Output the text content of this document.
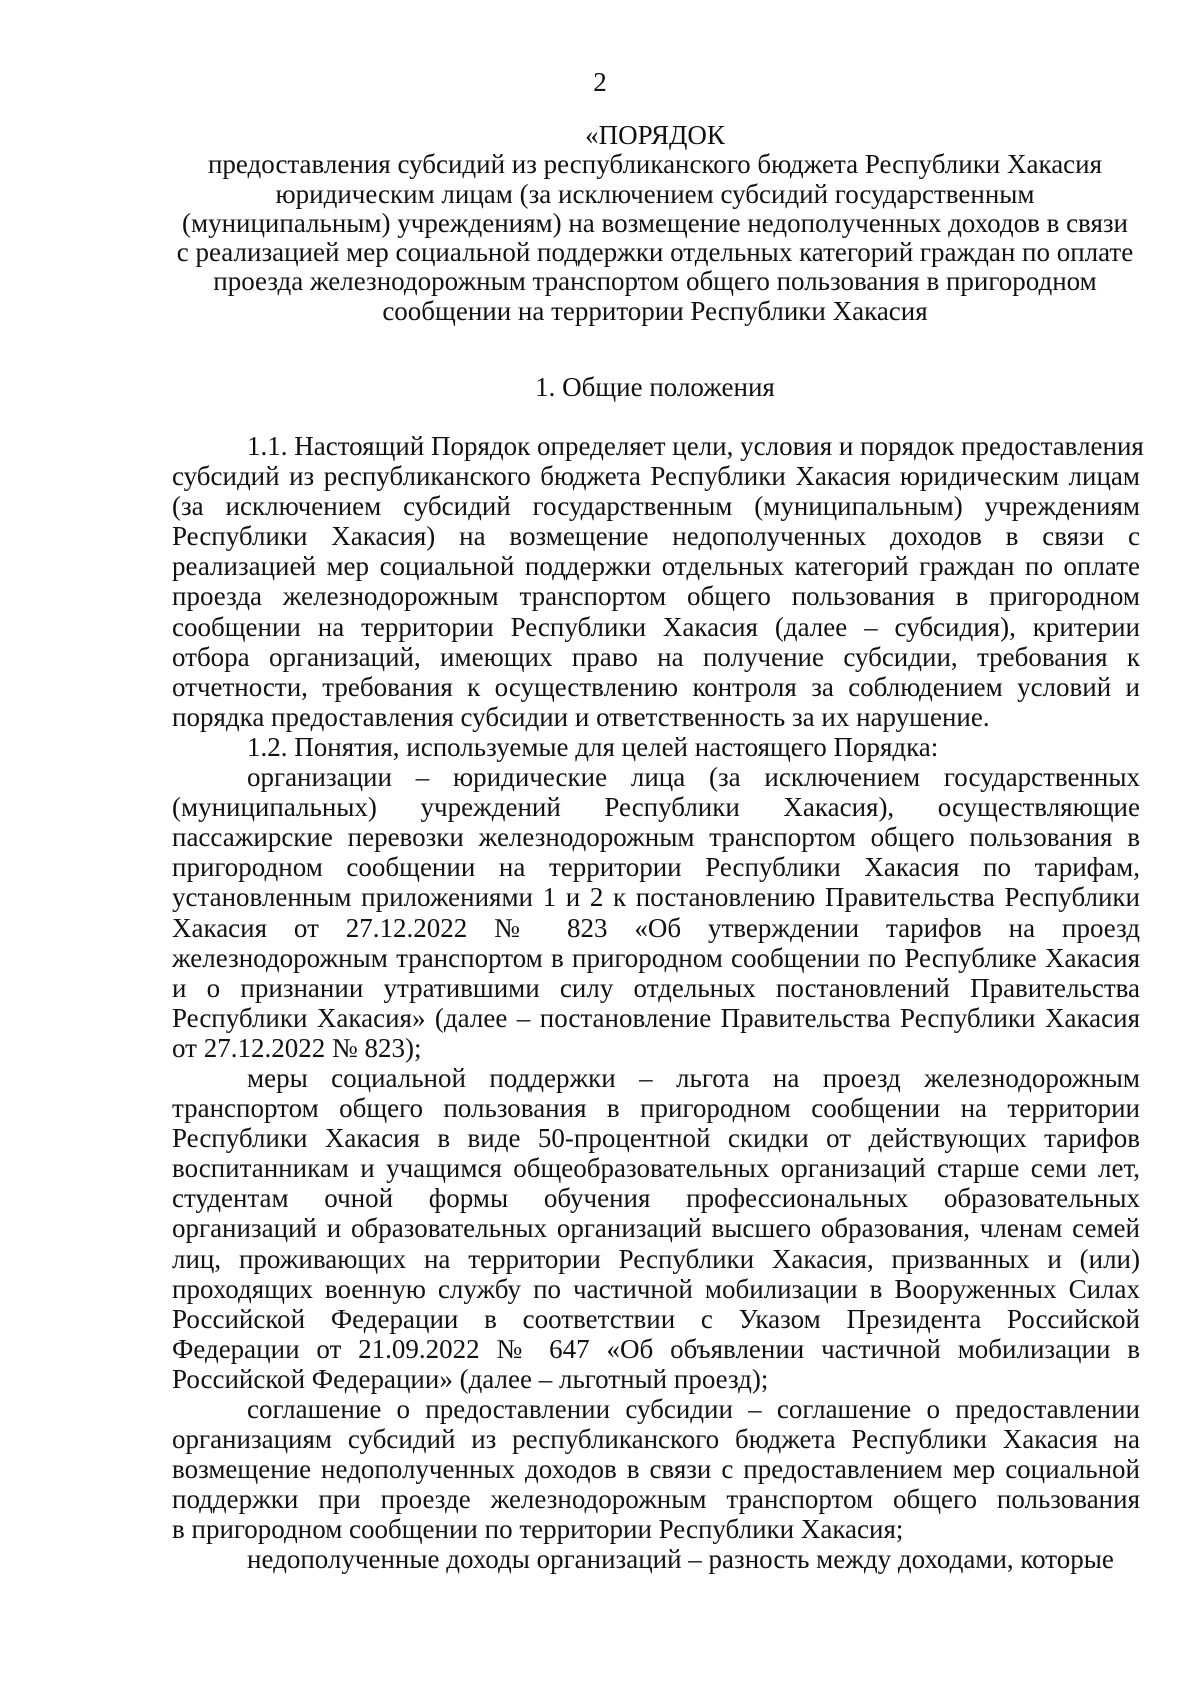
2
«ПОРЯДОК
предоставления субсидий из республиканского бюджета Республики Хакасия
юридическим лицам (за исключением субсидий государственным
(муниципальным) учреждениям) на возмещение недополученных доходов в связи
с реализацией мер социальной поддержки отдельных категорий граждан по оплате
проезда железнодорожным транспортом общего пользования в пригородном
сообщении на территории Республики Хакасия
1. Общие положения

1.1. Настоящий Порядок определяет цели, условия и порядок предоставления
субсидий из республиканского бюджета Республики Хакасия юридическим лицам
(за исключением субсидий государственным (муниципальным) учреждениям
Республики Хакасия) на возмещение недополученных доходов в связи с
реализацией мер социальной поддержки отдельных категорий граждан по оплате
проезда железнодорожным транспортом общего пользования в пригородном
сообщении на территории Республики Хакасия (далее – субсидия), критерии
отбора организаций, имеющих право на получение субсидии, требования к
отчетности, требования к осуществлению контроля за соблюдением условий и
порядка предоставления субсидии и ответственность за их нарушение.

1.2. Понятия, используемые для целей настоящего Порядка:

организации – юридические лица (за исключением государственных
(муниципальных) учреждений Республики Хакасия), осуществляющие
пассажирские перевозки железнодорожным транспортом общего пользования в
пригородном сообщении на территории Республики Хакасия по тарифам,
установленным приложениями 1 и 2 к постановлению Правительства Республики
Хакасия от 27.12.2022 № 823 «Об утверждении тарифов на проезд
железнодорожным транспортом в пригородном сообщении по Республике Хакасия
и о признании утратившими силу отдельных постановлений Правительства
Республики Хакасия» (далее – постановление Правительства Республики Хакасия
от 27.12.2022 № 823);

меры социальной поддержки – льгота на проезд железнодорожным
транспортом общего пользования в пригородном сообщении на территории
Республики Хакасия в виде 50-процентной скидки от действующих тарифов
воспитанникам и учащимся общеобразовательных организаций старше семи лет,
студентам очной формы обучения профессиональных образовательных
организаций и образовательных организаций высшего образования, членам семей
лиц, проживающих на территории Республики Хакасия, призванных и (или)
проходящих военную службу по частичной мобилизации в Вооруженных Силах
Российской Федерации в соответствии с Указом Президента Российской
Федерации от 21.09.2022 № 647 «Об объявлении частичной мобилизации в
Российской Федерации» (далее – льготный проезд);

соглашение о предоставлении субсидии – соглашение о предоставлении
организациям субсидий из республиканского бюджета Республики Хакасия на
возмещение недополученных доходов в связи с предоставлением мер социальной
поддержки при проезде железнодорожным транспортом общего пользования
в пригородном сообщении по территории Республики Хакасия;

недополученные доходы организаций – разность между доходами, которые
